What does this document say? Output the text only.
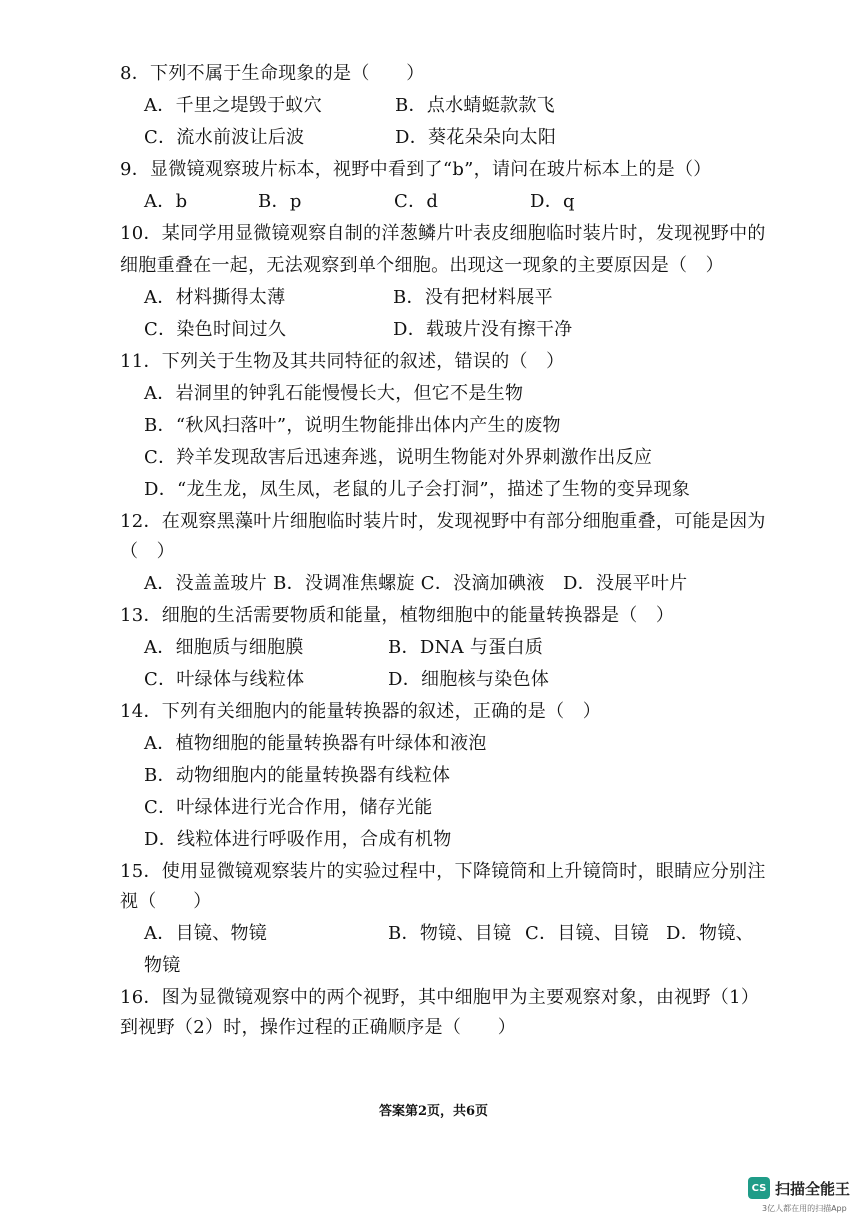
8．下列不属于生命现象的是（　　）
A．千里之堤毁于蚁穴	B．点水蜻蜓款款飞
C．流水前波让后波	D．葵花朵朵向太阳
9．显微镜观察玻片标本，视野中看到了“b”，请问在玻片标本上的是（）
A．b	B．p	C．d	D．q
10．某同学用显微镜观察自制的洋葱鳞片叶表皮细胞临时装片时，发现视野中的
细胞重叠在一起，无法观察到单个细胞。出现这一现象的主要原因是（　）
A．材料撕得太薄	B．没有把材料展平
C．染色时间过久	D．载玻片没有擦干净
11．下列关于生物及其共同特征的叙述，错误的（　）
A．岩洞里的钟乳石能慢慢长大，但它不是生物
B．“秋风扫落叶”，说明生物能排出体内产生的废物
C．羚羊发现敌害后迅速奔逃，说明生物能对外界刺激作出反应
D．“龙生龙，凤生凤，老鼠的儿子会打洞”，描述了生物的变异现象
12．在观察黑藻叶片细胞临时装片时，发现视野中有部分细胞重叠，可能是因为
（　）
A．没盖盖玻片 B．没调准焦螺旋 C．没滴加碘液　D．没展平叶片
13．细胞的生活需要物质和能量，植物细胞中的能量转换器是（　）
A．细胞质与细胞膜	B．DNA 与蛋白质
C．叶绿体与线粒体	D．细胞核与染色体
14．下列有关细胞内的能量转换器的叙述，正确的是（　）
A．植物细胞的能量转换器有叶绿体和液泡
B．动物细胞内的能量转换器有线粒体
C．叶绿体进行光合作用，储存光能
D．线粒体进行呼吸作用，合成有机物
15．使用显微镜观察装片的实验过程中，下降镜筒和上升镜筒时，眼睛应分别注
视（　　）
A．目镜、物镜	B．物镜、目镜 C．目镜、目镜 D．物镜、
物镜
16．图为显微镜观察中的两个视野，其中细胞甲为主要观察对象，由视野（1）
到视野（2）时，操作过程的正确顺序是（　　）
答案第2页，共6页
CS 扫描全能王
3亿人都在用的扫描App
